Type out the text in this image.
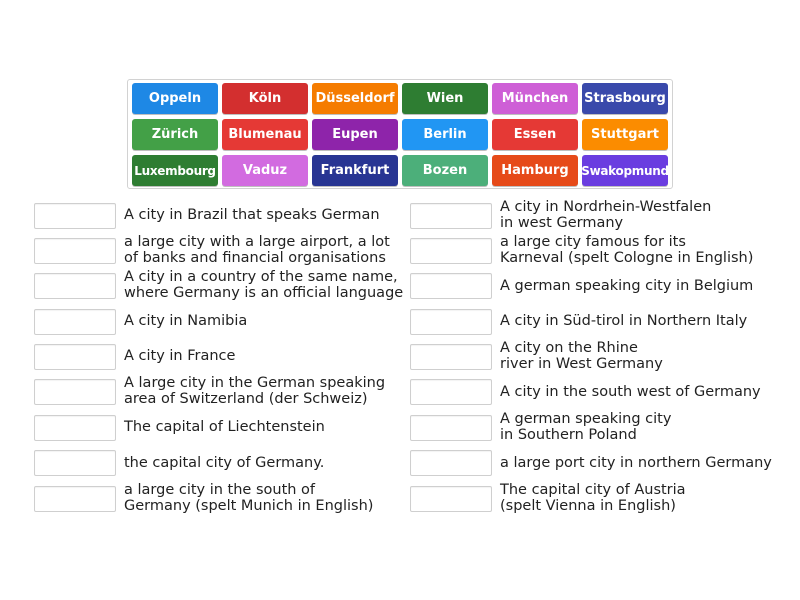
Oppeln	Köln	Düsseldorf	Wien	München	Strasbourg
Zürich	Blumenau	Eupen	Berlin	Essen	Stuttgart
Luxembourg	Vaduz	Frankfurt	Bozen	Hamburg	Swakopmund
A city in Brazil that speaks German
a large city with a large airport, a lot
of banks and financial organisations
A city in a country of the same name,
where Germany is an official language
A city in Namibia
A city in France
A large city in the German speaking
area of Switzerland (der Schweiz)
The capital of Liechtenstein
the capital city of Germany.
a large city in the south of
Germany (spelt Munich in English)
A city in Nordrhein-Westfalen
in west Germany
a large city famous for its
Karneval (spelt Cologne in English)
A german speaking city in Belgium
A city in Süd-tirol in Northern Italy
A city on the Rhine
river in West Germany
A city in the south west of Germany
A german speaking city
in Southern Poland
a large port city in northern Germany
The capital city of Austria
(spelt Vienna in English)
